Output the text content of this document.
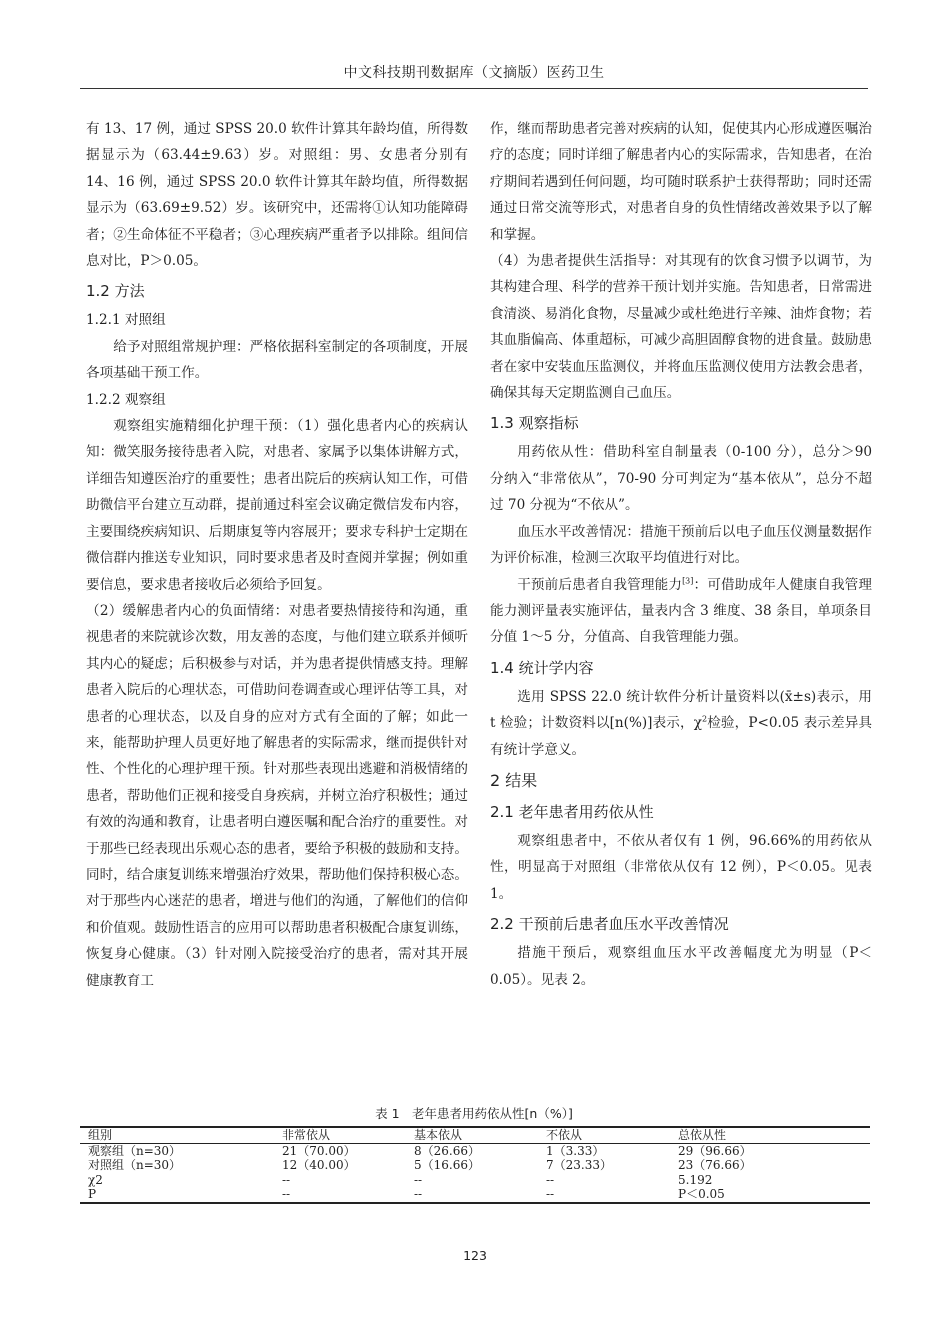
中文科技期刊数据库（文摘版）医药卫生

有 13、17 例，通过 SPSS 20.0 软件计算其年龄均值，所得数据显示为（63.44±9.63）岁。对照组：男、女患者分别有 14、16 例，通过 SPSS 20.0 软件计算其年龄均值，所得数据显示为（63.69±9.52）岁。该研究中，还需将①认知功能障碍者；②生命体征不平稳者；③心理疾病严重者予以排除。组间信息对比，P＞0.05。

1.2 方法
1.2.1 对照组

给予对照组常规护理：严格依据科室制定的各项制度，开展各项基础干预工作。

1.2.2 观察组

观察组实施精细化护理干预：（1）强化患者内心的疾病认知：微笑服务接待患者入院，对患者、家属予以集体讲解方式，详细告知遵医治疗的重要性；患者出院后的疾病认知工作，可借助微信平台建立互动群，提前通过科室会议确定微信发布内容，主要围绕疾病知识、后期康复等内容展开；要求专科护士定期在微信群内推送专业知识，同时要求患者及时查阅并掌握；例如重要信息，要求患者接收后必须给予回复。

（2）缓解患者内心的负面情绪：对患者要热情接待和沟通，重视患者的来院就诊次数，用友善的态度，与他们建立联系并倾听其内心的疑虑；后积极参与对话，并为患者提供情感支持。理解患者入院后的心理状态，可借助问卷调查或心理评估等工具，对患者的心理状态，以及自身的应对方式有全面的了解；如此一来，能帮助护理人员更好地了解患者的实际需求，继而提供针对性、个性化的心理护理干预。针对那些表现出逃避和消极情绪的患者，帮助他们正视和接受自身疾病，并树立治疗积极性；通过有效的沟通和教育，让患者明白遵医嘱和配合治疗的重要性。对于那些已经表现出乐观心态的患者，要给予积极的鼓励和支持。同时，结合康复训练来增强治疗效果，帮助他们保持积极心态。对于那些内心迷茫的患者，增进与他们的沟通，了解他们的信仰和价值观。鼓励性语言的应用可以帮助患者积极配合康复训练，恢复身心健康。（3）针对刚入院接受治疗的患者，需对其开展健康教育工

作，继而帮助患者完善对疾病的认知，促使其内心形成遵医嘱治疗的态度；同时详细了解患者内心的实际需求，告知患者，在治疗期间若遇到任何问题，均可随时联系护士获得帮助；同时还需通过日常交流等形式，对患者自身的负性情绪改善效果予以了解和掌握。

（4）为患者提供生活指导：对其现有的饮食习惯予以调节，为其构建合理、科学的营养干预计划并实施。告知患者，日常需进食清淡、易消化食物，尽量减少或杜绝进行辛辣、油炸食物；若其血脂偏高、体重超标，可减少高胆固醇食物的进食量。鼓励患者在家中安装血压监测仪，并将血压监测仪使用方法教会患者，确保其每天定期监测自己血压。

1.3 观察指标

用药依从性：借助科室自制量表（0-100 分），总分＞90 分纳入“非常依从”，70-90 分可判定为“基本依从”，总分不超过 70 分视为“不依从”。

血压水平改善情况：措施干预前后以电子血压仪测量数据作为评价标准，检测三次取平均值进行对比。

干预前后患者自我管理能力[3]：可借助成年人健康自我管理能力测评量表实施评估，量表内含 3 维度、38 条目，单项条目分值 1～5 分，分值高、自我管理能力强。

1.4 统计学内容

选用 SPSS 22.0 统计软件分析计量资料以(x̄±s)表示，用 t 检验；计数资料以[n(%)]表示，$\chi^2$检验，P<0.05 表示差异具有统计学意义。

2 结果
2.1 老年患者用药依从性

观察组患者中，不依从者仅有 1 例，96.66%的用药依从性，明显高于对照组（非常依从仅有 12 例），P＜0.05。见表 1。

2.2 干预前后患者血压水平改善情况

措施干预后，观察组血压水平改善幅度尤为明显（P＜0.05）。见表 2。

表 1　老年患者用药依从性[n（%）]
组别	非常依从	基本依从	不依从	总依从性
观察组（n=30）	21（70.00）	8（26.66）	1（3.33）	29（96.66）
对照组（n=30）	12（40.00）	5（16.66）	7（23.33）	23（76.66）
χ2	--	--	--	5.192
P	--	--	--	P＜0.05
123
